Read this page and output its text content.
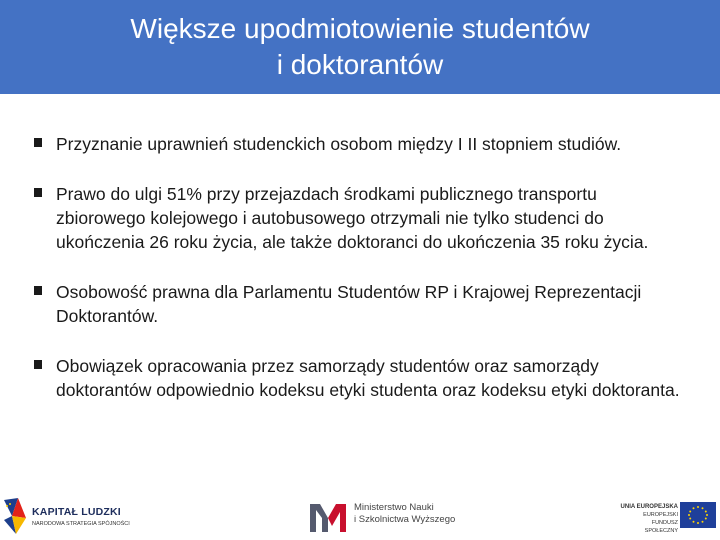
Większe upodmiotowienie studentów
i doktorantów
Przyznanie uprawnień studenckich osobom między I II stopniem studiów.
Prawo do ulgi 51% przy przejazdach środkami publicznego transportu zbiorowego kolejowego i autobusowego otrzymali nie tylko studenci do ukończenia 26 roku życia, ale także doktoranci do ukończenia 35 roku życia.
Osobowość prawna dla Parlamentu Studentów RP i Krajowej Reprezentacji Doktorantów.
Obowiązek opracowania przez samorządy studentów oraz samorządy doktorantów odpowiednio kodeksu etyki studenta oraz kodeksu etyki doktoranta.
KAPITAŁ LUDZKI
NARODOWA STRATEGIA SPÓJNOŚCI
Ministerstwo Nauki
i Szkolnictwa Wyższego
UNIA EUROPEJSKA
EUROPEJSKI
FUNDUSZ SPOŁECZNY
